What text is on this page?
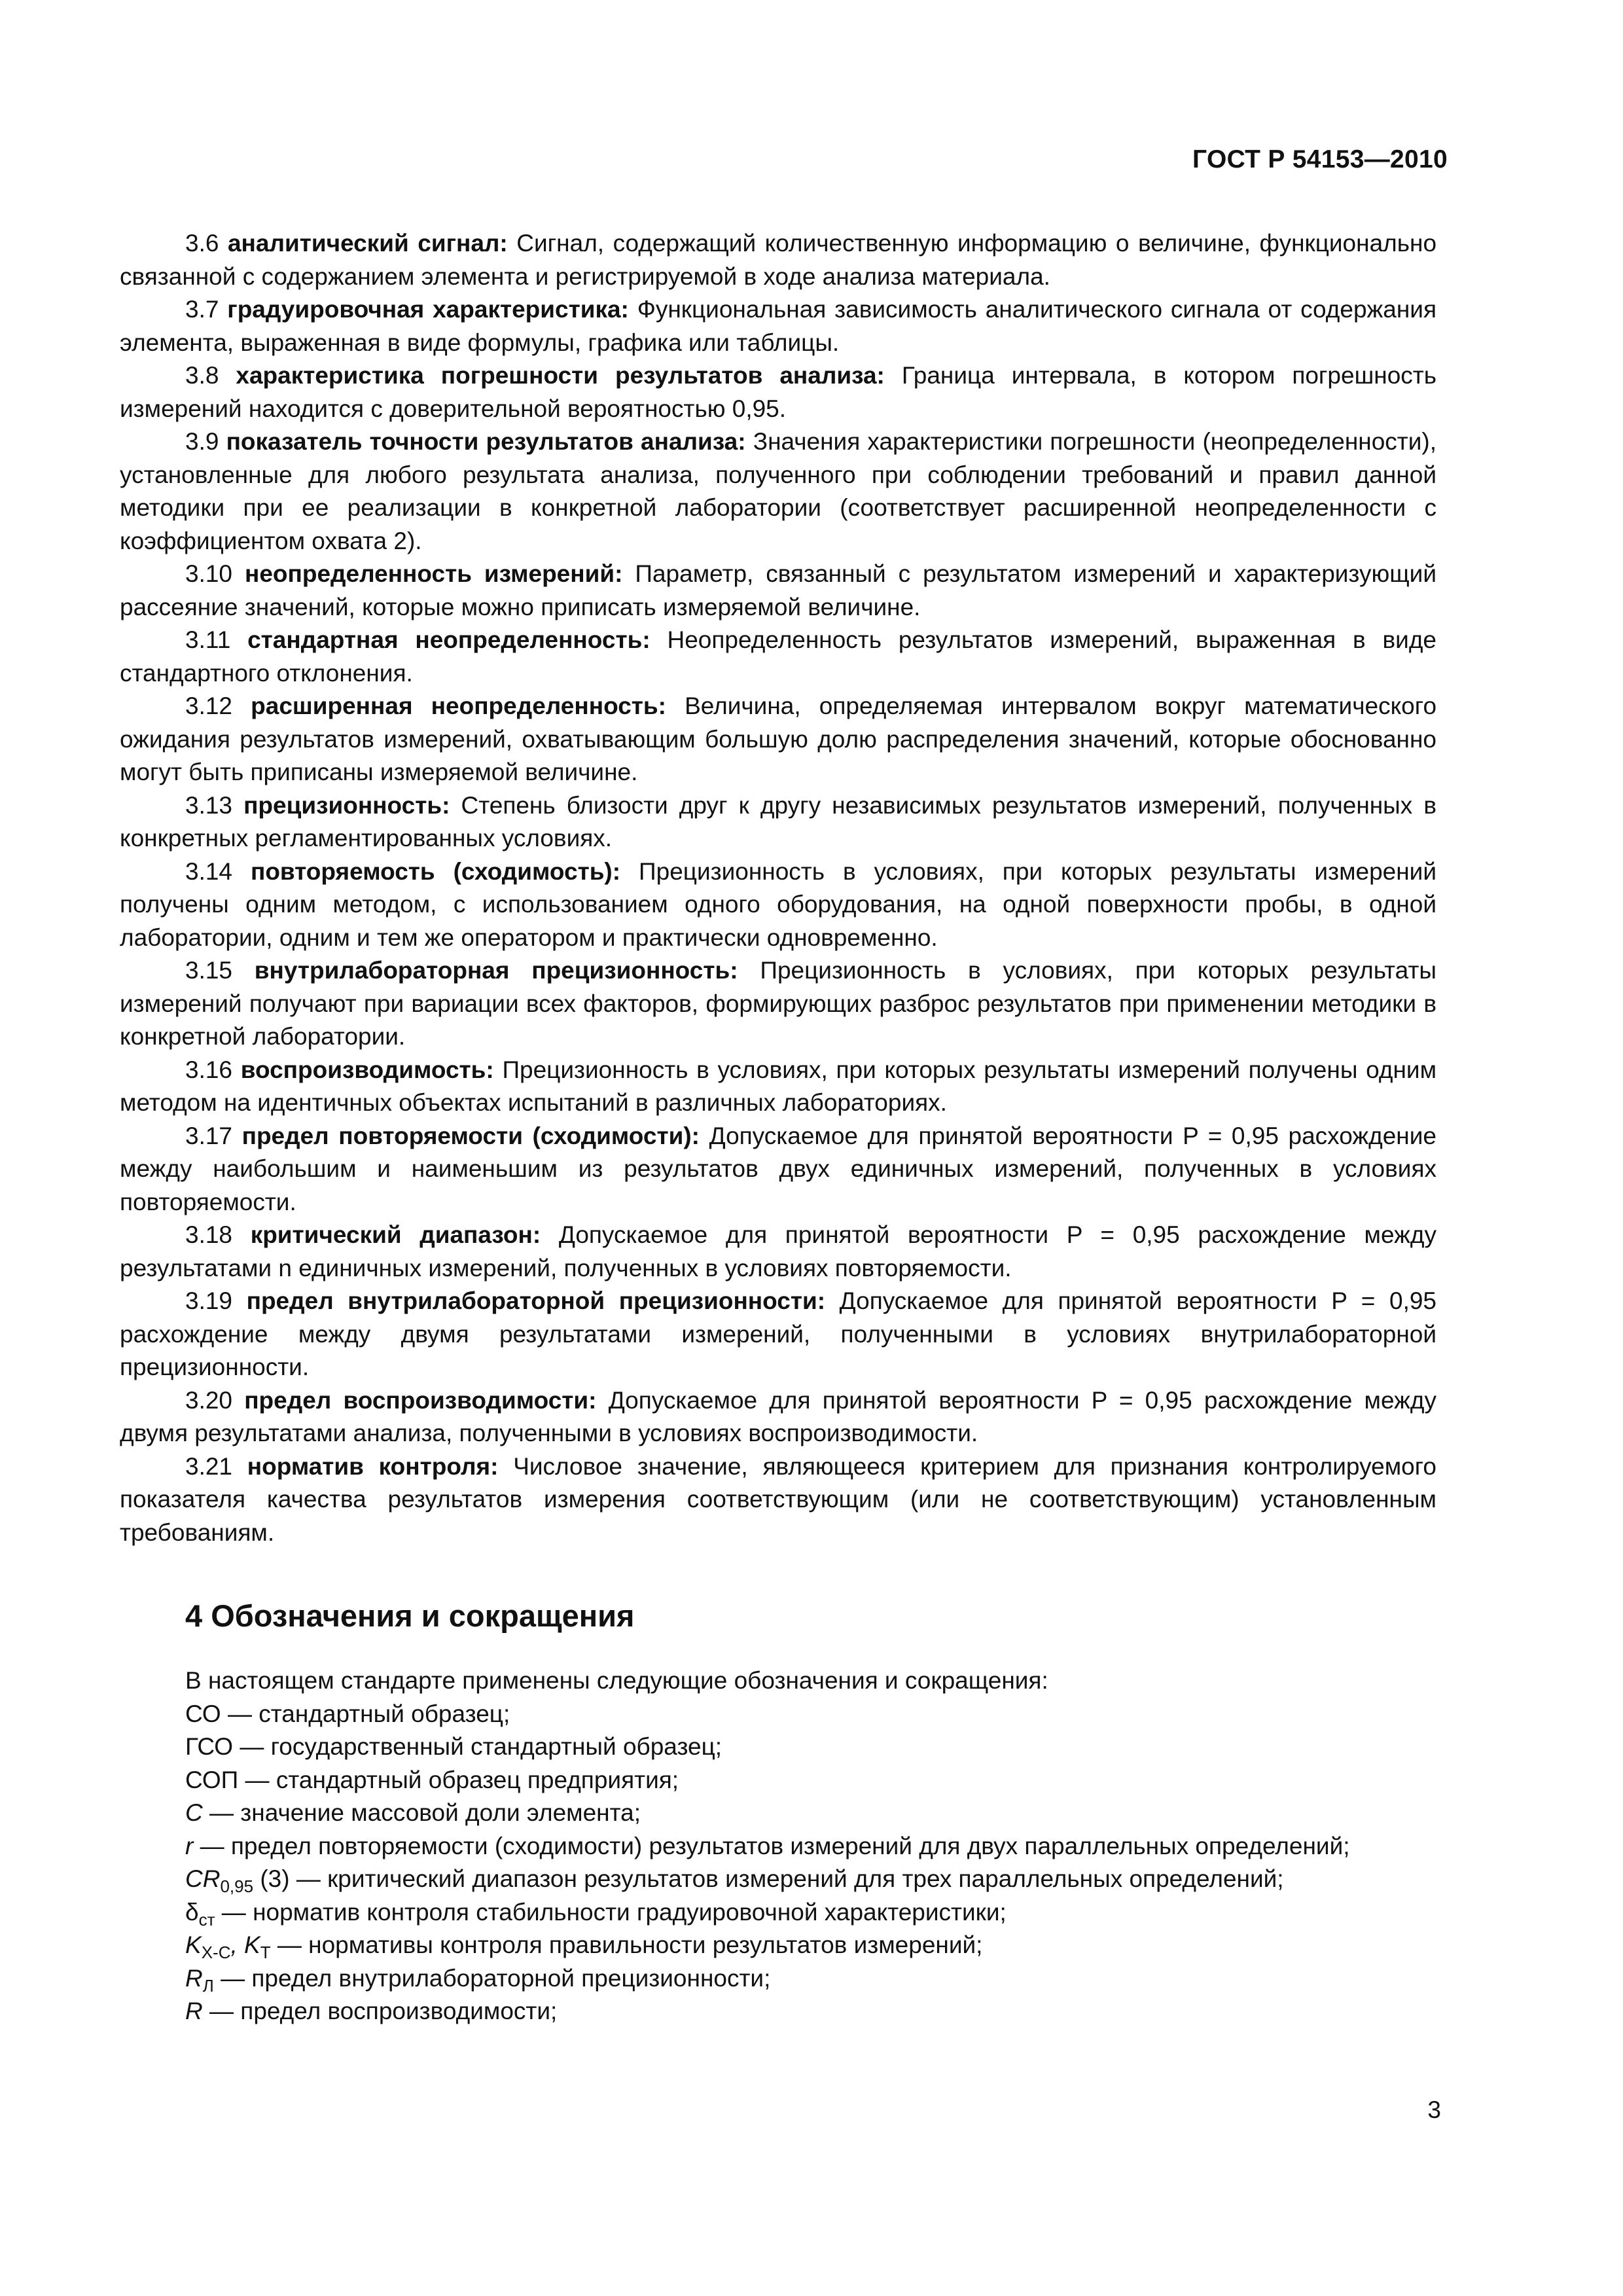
ГОСТ Р 54153—2010

3.6 аналитический сигнал: Сигнал, содержащий количественную информацию о величине, функционально связанной с содержанием элемента и регистрируемой в ходе анализа материала.

3.7 градуировочная характеристика: Функциональная зависимость аналитического сигнала от содержания элемента, выраженная в виде формулы, графика или таблицы.

3.8 характеристика погрешности результатов анализа: Граница интервала, в котором погрешность измерений находится с доверительной вероятностью 0,95.

3.9 показатель точности результатов анализа: Значения характеристики погрешности (неопределенности), установленные для любого результата анализа, полученного при соблюдении требований и правил данной методики при ее реализации в конкретной лаборатории (соответствует расширенной неопределенности с коэффициентом охвата 2).

3.10 неопределенность измерений: Параметр, связанный с результатом измерений и характеризующий рассеяние значений, которые можно приписать измеряемой величине.

3.11 стандартная неопределенность: Неопределенность результатов измерений, выраженная в виде стандартного отклонения.

3.12 расширенная неопределенность: Величина, определяемая интервалом вокруг математического ожидания результатов измерений, охватывающим большую долю распределения значений, которые обоснованно могут быть приписаны измеряемой величине.

3.13 прецизионность: Степень близости друг к другу независимых результатов измерений, полученных в конкретных регламентированных условиях.

3.14 повторяемость (сходимость): Прецизионность в условиях, при которых результаты измерений получены одним методом, с использованием одного оборудования, на одной поверхности пробы, в одной лаборатории, одним и тем же оператором и практически одновременно.

3.15 внутрилабораторная прецизионность: Прецизионность в условиях, при которых результаты измерений получают при вариации всех факторов, формирующих разброс результатов при применении методики в конкретной лаборатории.

3.16 воспроизводимость: Прецизионность в условиях, при которых результаты измерений получены одним методом на идентичных объектах испытаний в различных лабораториях.

3.17 предел повторяемости (сходимости): Допускаемое для принятой вероятности P = 0,95 расхождение между наибольшим и наименьшим из результатов двух единичных измерений, полученных в условиях повторяемости.

3.18 критический диапазон: Допускаемое для принятой вероятности P = 0,95 расхождение между результатами n единичных измерений, полученных в условиях повторяемости.

3.19 предел внутрилабораторной прецизионности: Допускаемое для принятой вероятности P = 0,95 расхождение между двумя результатами измерений, полученными в условиях внутрилабораторной прецизионности.

3.20 предел воспроизводимости: Допускаемое для принятой вероятности P = 0,95 расхождение между двумя результатами анализа, полученными в условиях воспроизводимости.

3.21 норматив контроля: Числовое значение, являющееся критерием для признания контролируемого показателя качества результатов измерения соответствующим (или не соответствующим) установленным требованиям.

4 Обозначения и сокращения

В настоящем стандарте применены следующие обозначения и сокращения:

СО — стандартный образец;

ГСО — государственный стандартный образец;

СОП — стандартный образец предприятия;

C — значение массовой доли элемента;

r — предел повторяемости (сходимости) результатов измерений для двух параллельных определений;

$CR_{0,95}$ (3) — критический диапазон результатов измерений для трех параллельных определений;

$\delta_{ст}$ — норматив контроля стабильности градуировочной характеристики;

$K_{Х-С}$, $K_Т$ — нормативы контроля правильности результатов измерений;

$R_Л$ — предел внутрилабораторной прецизионности;

R — предел воспроизводимости;

3
